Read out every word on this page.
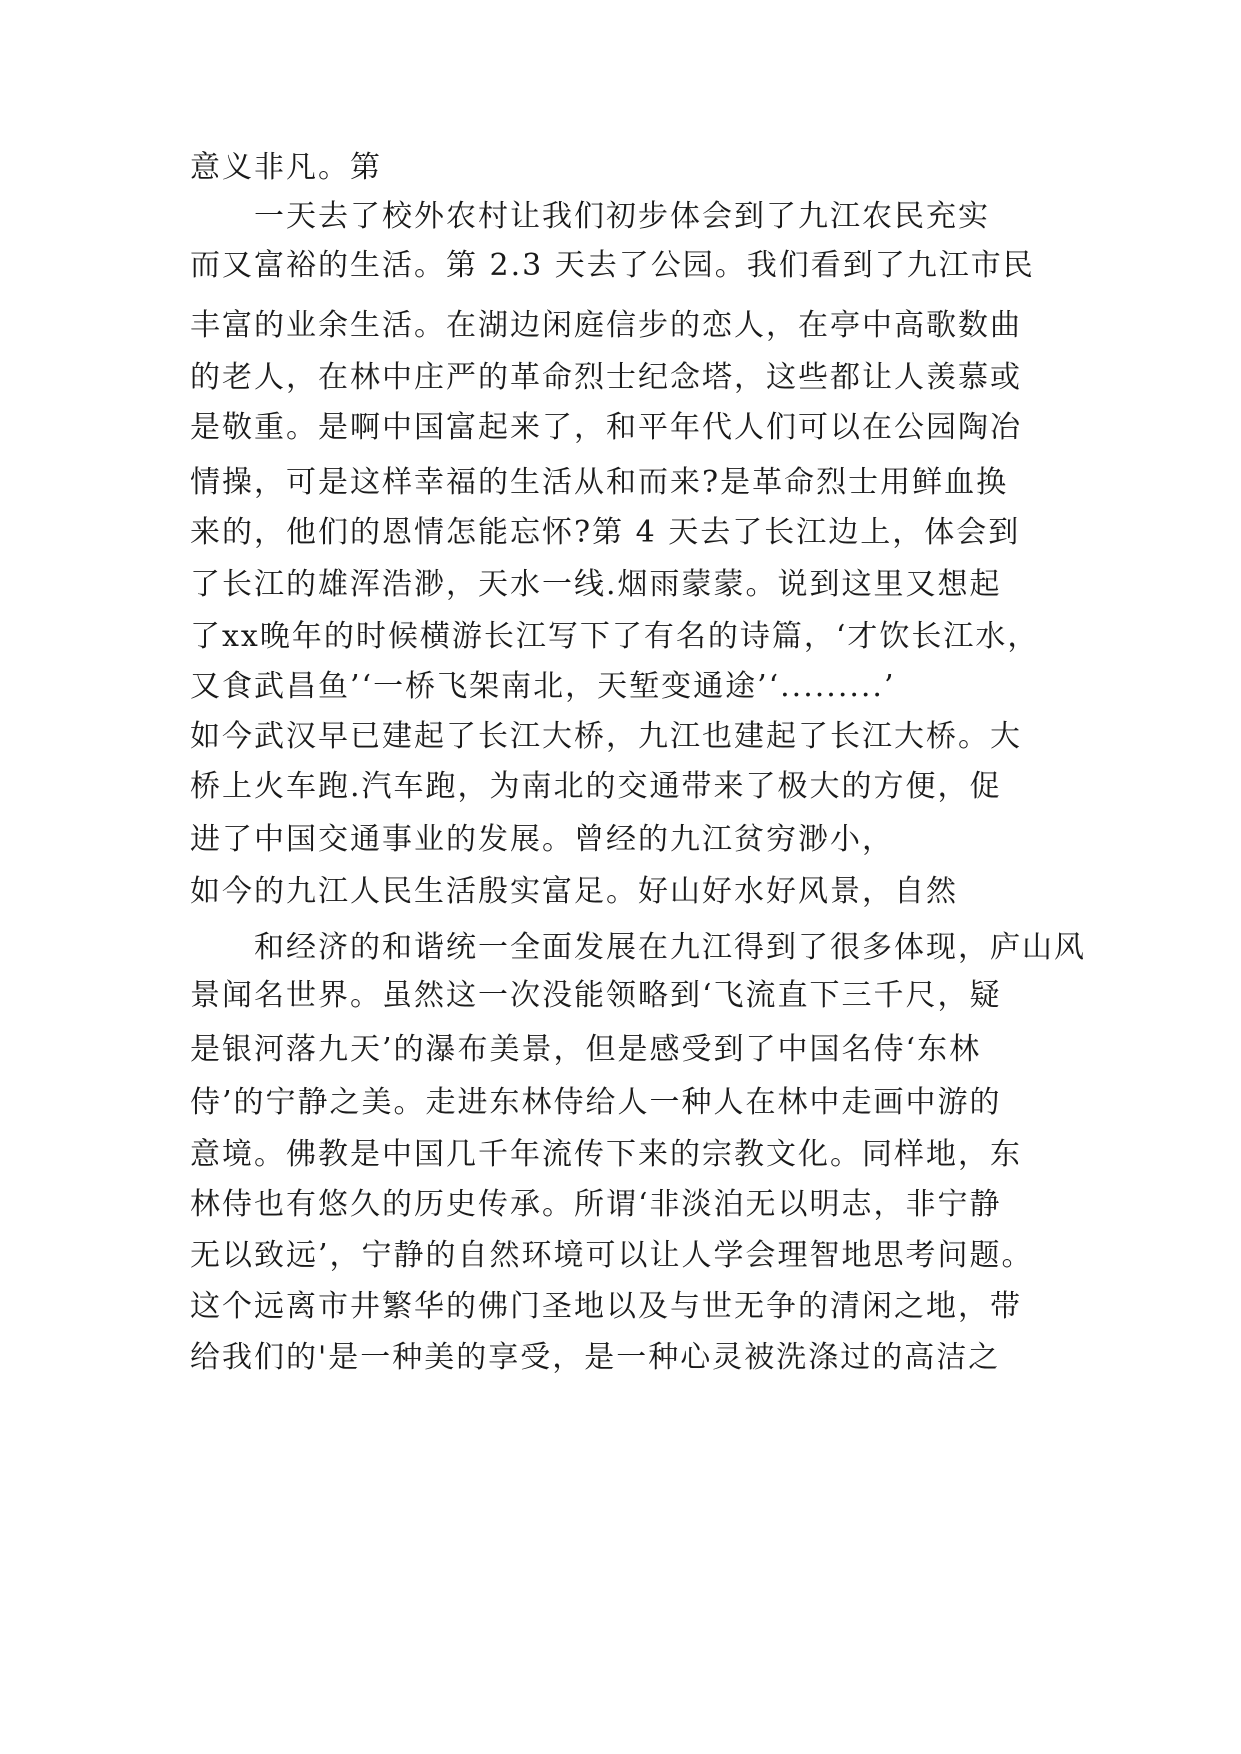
意义非凡。第
一天去了校外农村让我们初步体会到了九江农民充实
而又富裕的生活。第 2.3 天去了公园。我们看到了九江市民
丰富的业余生活。在湖边闲庭信步的恋人，在亭中高歌数曲
的老人，在林中庄严的革命烈士纪念塔，这些都让人羡慕或
是敬重。是啊中国富起来了，和平年代人们可以在公园陶冶
情操，可是这样幸福的生活从和而来?是革命烈士用鲜血换
来的，他们的恩情怎能忘怀?第 4 天去了长江边上，体会到
了长江的雄浑浩渺，天水一线.烟雨蒙蒙。说到这里又想起
了xx晚年的时候横游长江写下了有名的诗篇，‘才饮长江水，
又食武昌鱼’‘一桥飞架南北，天堑变通途’‘.........’
如今武汉早已建起了长江大桥，九江也建起了长江大桥。大
桥上火车跑.汽车跑，为南北的交通带来了极大的方便，促
进了中国交通事业的发展。曾经的九江贫穷渺小，
如今的九江人民生活殷实富足。好山好水好风景，自然
和经济的和谐统一全面发展在九江得到了很多体现，庐山风
景闻名世界。虽然这一次没能领略到‘飞流直下三千尺，疑
是银河落九天’的瀑布美景，但是感受到了中国名侍‘东林
侍’的宁静之美。走进东林侍给人一种人在林中走画中游的
意境。佛教是中国几千年流传下来的宗教文化。同样地，东
林侍也有悠久的历史传承。所谓‘非淡泊无以明志，非宁静
无以致远’，宁静的自然环境可以让人学会理智地思考问题。
这个远离市井繁华的佛门圣地以及与世无争的清闲之地，带
给我们的'是一种美的享受，是一种心灵被洗涤过的高洁之
